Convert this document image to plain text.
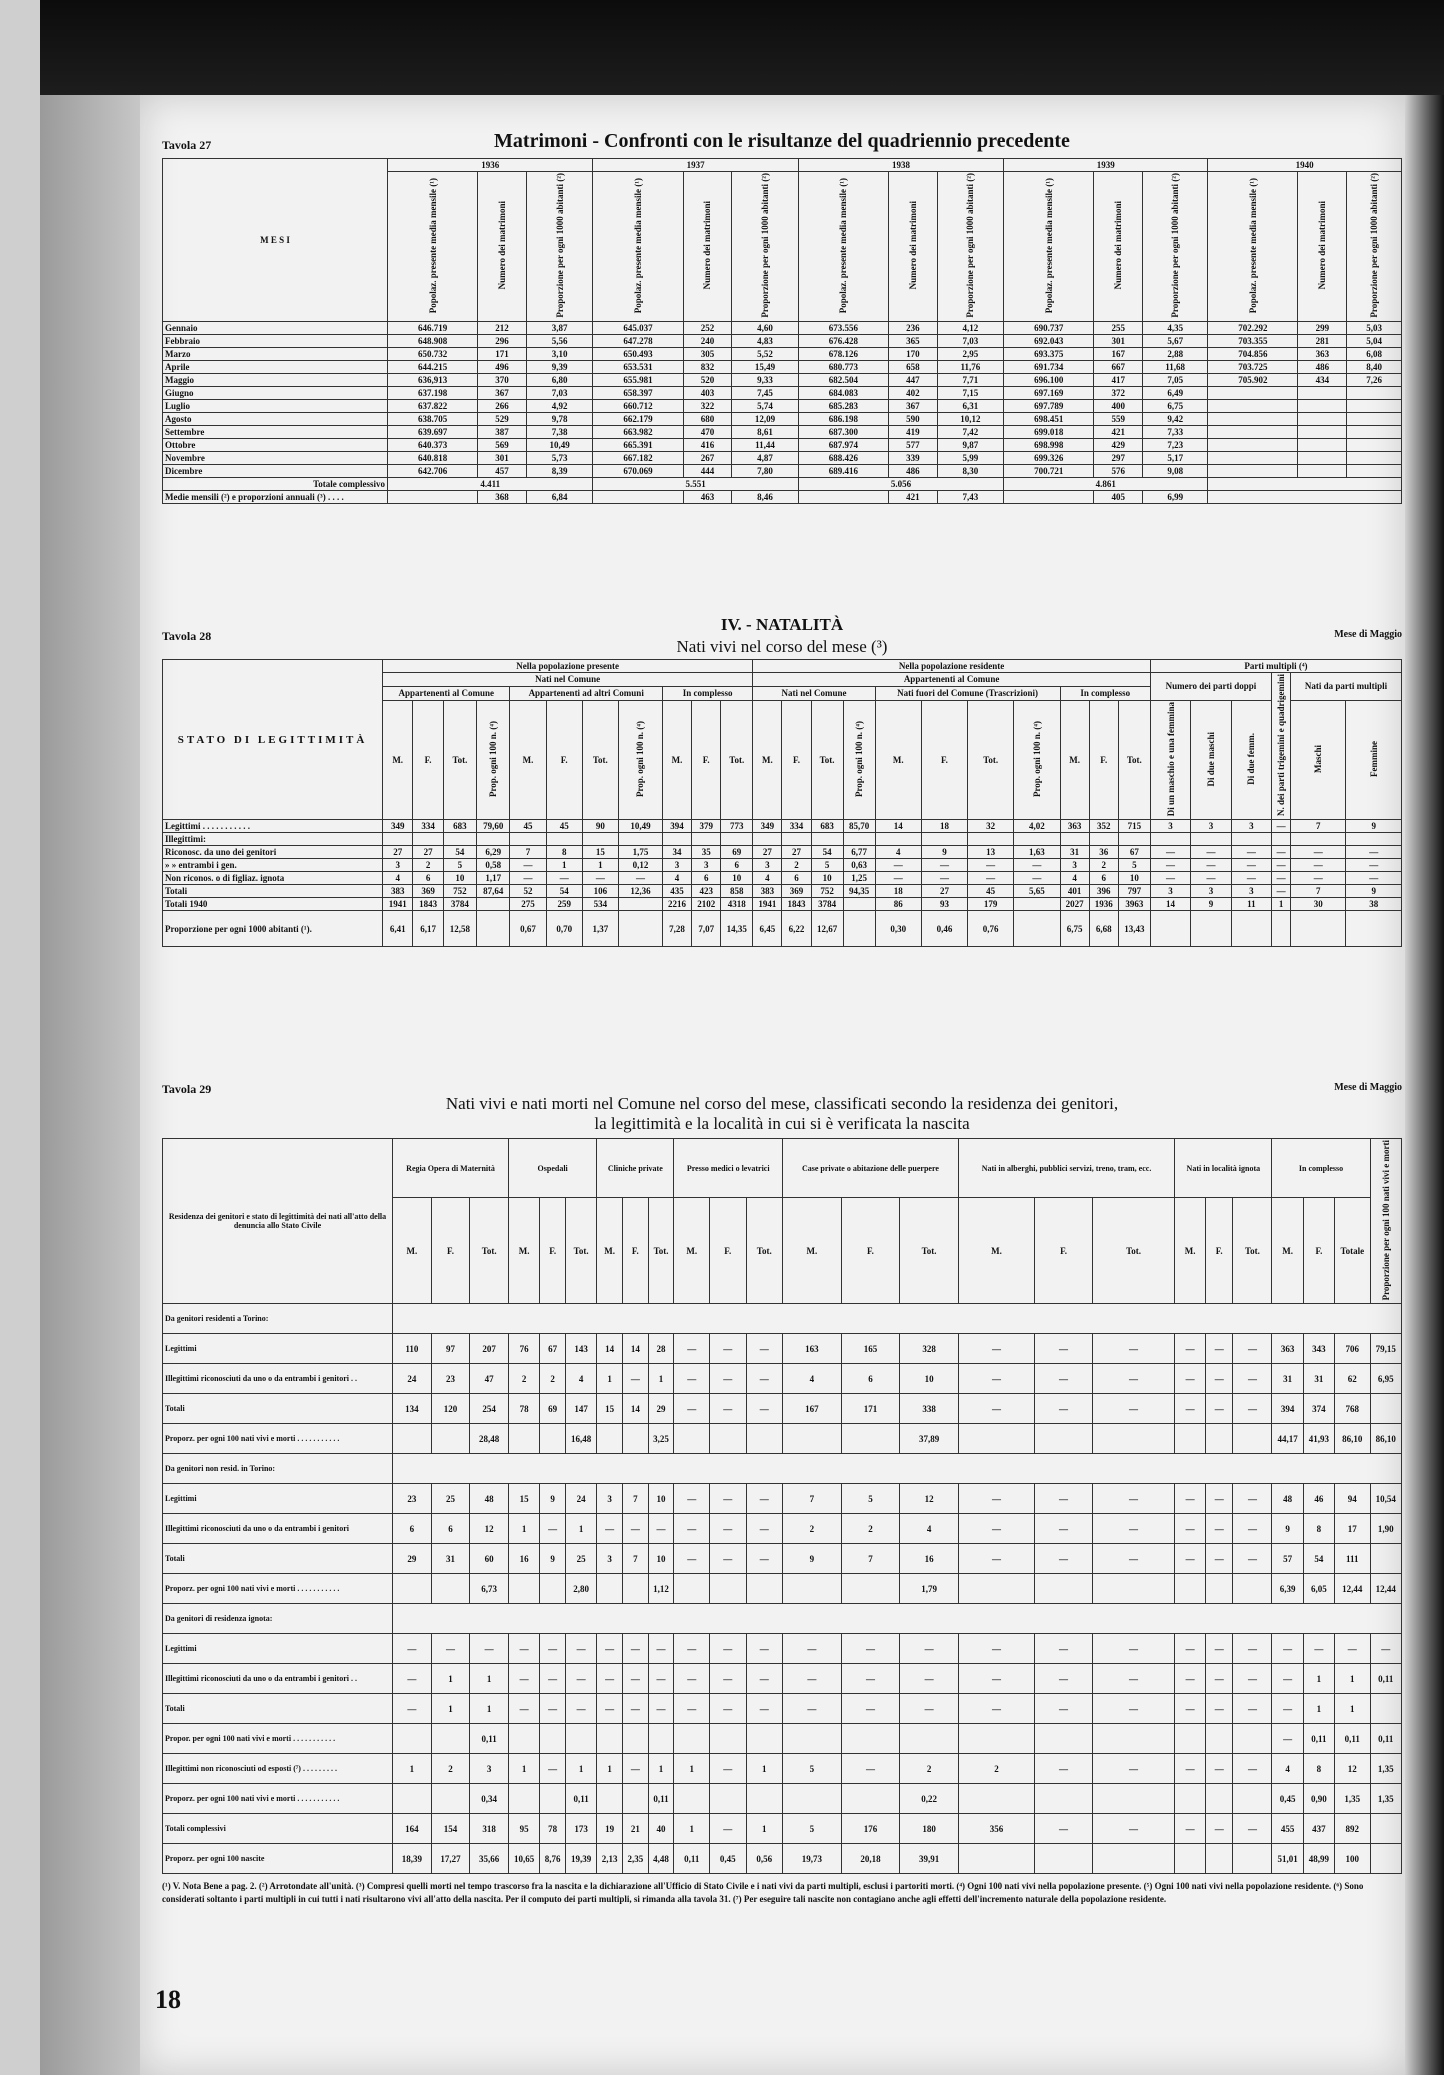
Tavola 27	Matrimoni - Confronti con le risultanze del quadriennio precedente
M E S I	1936			1937			1938			1939			1940		
	Popolaz. presente media mensile (¹)	Numero dei matrimoni	Proporzione per ogni 1000 abitanti (²)	Popolaz. presente media mensile (¹)	Numero dei matrimoni	Proporzione per ogni 1000 abitanti (²)	Popolaz. presente media mensile (¹)	Numero dei matrimoni	Proporzione per ogni 1000 abitanti (²)	Popolaz. presente media mensile (¹)	Numero dei matrimoni	Proporzione per ogni 1000 abitanti (²)	Popolaz. presente media mensile (¹)	Numero dei matrimoni	Proporzione per ogni 1000 abitanti (²)
Gennaio	646.719	212	3,87	645.037	252	4,60	673.556	236	4,12	690.737	255	4,35	702.292	299	5,03
Febbraio	648.908	296	5,56	647.278	240	4,83	676.428	365	7,03	692.043	301	5,67	703.355	281	5,04
Marzo	650.732	171	3,10	650.493	305	5,52	678.126	170	2,95	693.375	167	2,88	704.856	363	6,08
Aprile	644.215	496	9,39	653.531	832	15,49	680.773	658	11,76	691.734	667	11,68	703.725	486	8,40
Maggio	636,913	370	6,80	655.981	520	9,33	682.504	447	7,71	696.100	417	7,05	705.902	434	7,26
Giugno	637.198	367	7,03	658.397	403	7,45	684.083	402	7,15	697.169	372	6,49			
Luglio	637.822	266	4,92	660.712	322	5,74	685.283	367	6,31	697.789	400	6,75			
Agosto	638.705	529	9,78	662.179	680	12,09	686.198	590	10,12	698.451	559	9,42			
Settembre	639.697	387	7,38	663.982	470	8,61	687.300	419	7,42	699.018	421	7,33			
Ottobre	640.373	569	10,49	665.391	416	11,44	687.974	577	9,87	698.998	429	7,23			
Novembre	640.818	301	5,73	667.182	267	4,87	688.426	339	5,99	699.326	297	5,17			
Dicembre	642.706	457	8,39	670.069	444	7,80	689.416	486	8,30	700.721	576	9,08			
Totale complessivo	4.411			5.551			5.056			4.861					
Medie mensili (²) e proporzioni annuali (³) . . . .		368	6,84		463	8,46		421	7,43		405	6,99			
Tavola 28
IV. - NATALITÀ
Nati vivi nel corso del mese (³)
Mese di Maggio
STATO DI LEGITTIMITÀ	Nella popolazione presente											Nella popolazione residente											Parti multipli (⁴)					
	Nati nel Comune											Appartenenti al Comune											Numero dei parti doppi			N. dei parti trigemini e quadrigemini	Nati da parti multipli	
	Appartenenti al Comune				Appartenenti ad altri Comuni				In complesso			Nati nel Comune				Nati fuori del Comune (Trascrizioni)				In complesso								
	M.	F.	Tot.	Prop. ogni 100 n. (⁴)	M.	F.	Tot.	Prop. ogni 100 n. (⁴)	M.	F.	Tot.	M.	F.	Tot.	Prop. ogni 100 n. (⁴)	M.	F.	Tot.	Prop. ogni 100 n. (⁴)	M.	F.	Tot.	Di un maschio e una femmina	Di due maschi	Di due femm.		Maschi	Femmine
Legittimi . . . . . . . . . . .	349	334	683	79,60	45	45	90	10,49	394	379	773	349	334	683	85,70	14	18	32	4,02	363	352	715	3	3	3	—	7	9
Illegittimi:																												
Riconosc. da uno dei genitori	27	27	54	6,29	7	8	15	1,75	34	35	69	27	27	54	6,77	4	9	13	1,63	31	36	67	—	—	—	—	—	—
» » entrambi i gen.	3	2	5	0,58	—	1	1	0,12	3	3	6	3	2	5	0,63	—	—	—	—	3	2	5	—	—	—	—	—	—
Non riconos. o di figliaz. ignota	4	6	10	1,17	—	—	—	—	4	6	10	4	6	10	1,25	—	—	—	—	4	6	10	—	—	—	—	—	—
Totali	383	369	752	87,64	52	54	106	12,36	435	423	858	383	369	752	94,35	18	27	45	5,65	401	396	797	3	3	3	—	7	9
Totali 1940	1941	1843	3784		275	259	534		2216	2102	4318	1941	1843	3784		86	93	179		2027	1936	3963	14	9	11	1	30	38
Proporzione per ogni 1000 abitanti (¹).	6,41	6,17	12,58		0,67	0,70	1,37		7,28	7,07	14,35	6,45	6,22	12,67		0,30	0,46	0,76		6,75	6,68	13,43						
Tavola 29	Mese di Maggio
Nati vivi e nati morti nel Comune nel corso del mese, classificati secondo la residenza dei genitori,
la legittimità e la località in cui si è verificata la nascita
Residenza dei genitori e stato di legittimità dei nati all'atto della denuncia allo Stato Civile	Regia Opera di Maternità			Ospedali			Cliniche private			Presso medici o levatrici			Case private o abitazione delle puerpere			Nati in alberghi, pubblici servizi, treno, tram, ecc.			Nati in località ignota			In complesso			Proporzione per ogni 100 nati vivi e morti
	M.	F.	Tot.	M.	F.	Tot.	M.	F.	Tot.	M.	F.	Tot.	M.	F.	Tot.	M.	F.	Tot.	M.	F.	Tot.	M.	F.	Totale	
Da genitori residenti a Torino:																									
Legittimi	110	97	207	76	67	143	14	14	28	—	—	—	163	165	328	—	—	—	—	—	—	363	343	706	79,15
Illegittimi riconosciuti da uno o da entrambi i genitori . .	24	23	47	2	2	4	1	—	1	—	—	—	4	6	10	—	—	—	—	—	—	31	31	62	6,95
Totali	134	120	254	78	69	147	15	14	29	—	—	—	167	171	338	—	—	—	—	—	—	394	374	768	
Proporz. per ogni 100 nati vivi e morti . . . . . . . . . . .			28,48			16,48			3,25						37,89							44,17	41,93	86,10	86,10
Da genitori non resid. in Torino:																									
Legittimi	23	25	48	15	9	24	3	7	10	—	—	—	7	5	12	—	—	—	—	—	—	48	46	94	10,54
Illegittimi riconosciuti da uno o da entrambi i genitori	6	6	12	1	—	1	—	—	—	—	—	—	2	2	4	—	—	—	—	—	—	9	8	17	1,90
Totali	29	31	60	16	9	25	3	7	10	—	—	—	9	7	16	—	—	—	—	—	—	57	54	111	
Proporz. per ogni 100 nati vivi e morti . . . . . . . . . . .			6,73			2,80			1,12						1,79							6,39	6,05	12,44	12,44
Da genitori di residenza ignota:																									
Legittimi	—	—	—	—	—	—	—	—	—	—	—	—	—	—	—	—	—	—	—	—	—	—	—	—	—
Illegittimi riconosciuti da uno o da entrambi i genitori . .	—	1	1	—	—	—	—	—	—	—	—	—	—	—	—	—	—	—	—	—	—	—	1	1	0,11
Totali	—	1	1	—	—	—	—	—	—	—	—	—	—	—	—	—	—	—	—	—	—	—	1	1	
Propor. per ogni 100 nati vivi e morti . . . . . . . . . . .			0,11																			—	0,11	0,11	0,11
Illegittimi non riconosciuti od esposti (⁷) . . . . . . . . .	1	2	3	1	—	1	1	—	1	1	—	1	5	—	2	2	—	—	—	—	—	4	8	12	1,35
Proporz. per ogni 100 nati vivi e morti . . . . . . . . . . .			0,34			0,11			0,11						0,22							0,45	0,90	1,35	1,35
Totali complessivi	164	154	318	95	78	173	19	21	40	1	—	1	5	176	180	356	—	—	—	—	—	455	437	892	
Proporz. per ogni 100 nascite	18,39	17,27	35,66	10,65	8,76	19,39	2,13	2,35	4,48	0,11	0,45	0,56	19,73	20,18	39,91							51,01	48,99	100	
(¹) V. Nota Bene a pag. 2. (²) Arrotondate all'unità. (³) Compresi quelli morti nel tempo trascorso fra la nascita e la dichiarazione all'Ufficio di Stato Civile e i nati vivi da parti multipli, esclusi i partoriti morti. (⁴) Ogni 100 nati vivi nella popolazione presente. (⁵) Ogni 100 nati vivi nella popolazione residente. (⁶) Sono considerati soltanto i parti multipli in cui tutti i nati risultarono vivi all'atto della nascita. Per il computo dei parti multipli, si rimanda alla tavola 31. (⁷) Per eseguire tali nascite non contagiano anche agli effetti dell'incremento naturale della popolazione residente.
18
